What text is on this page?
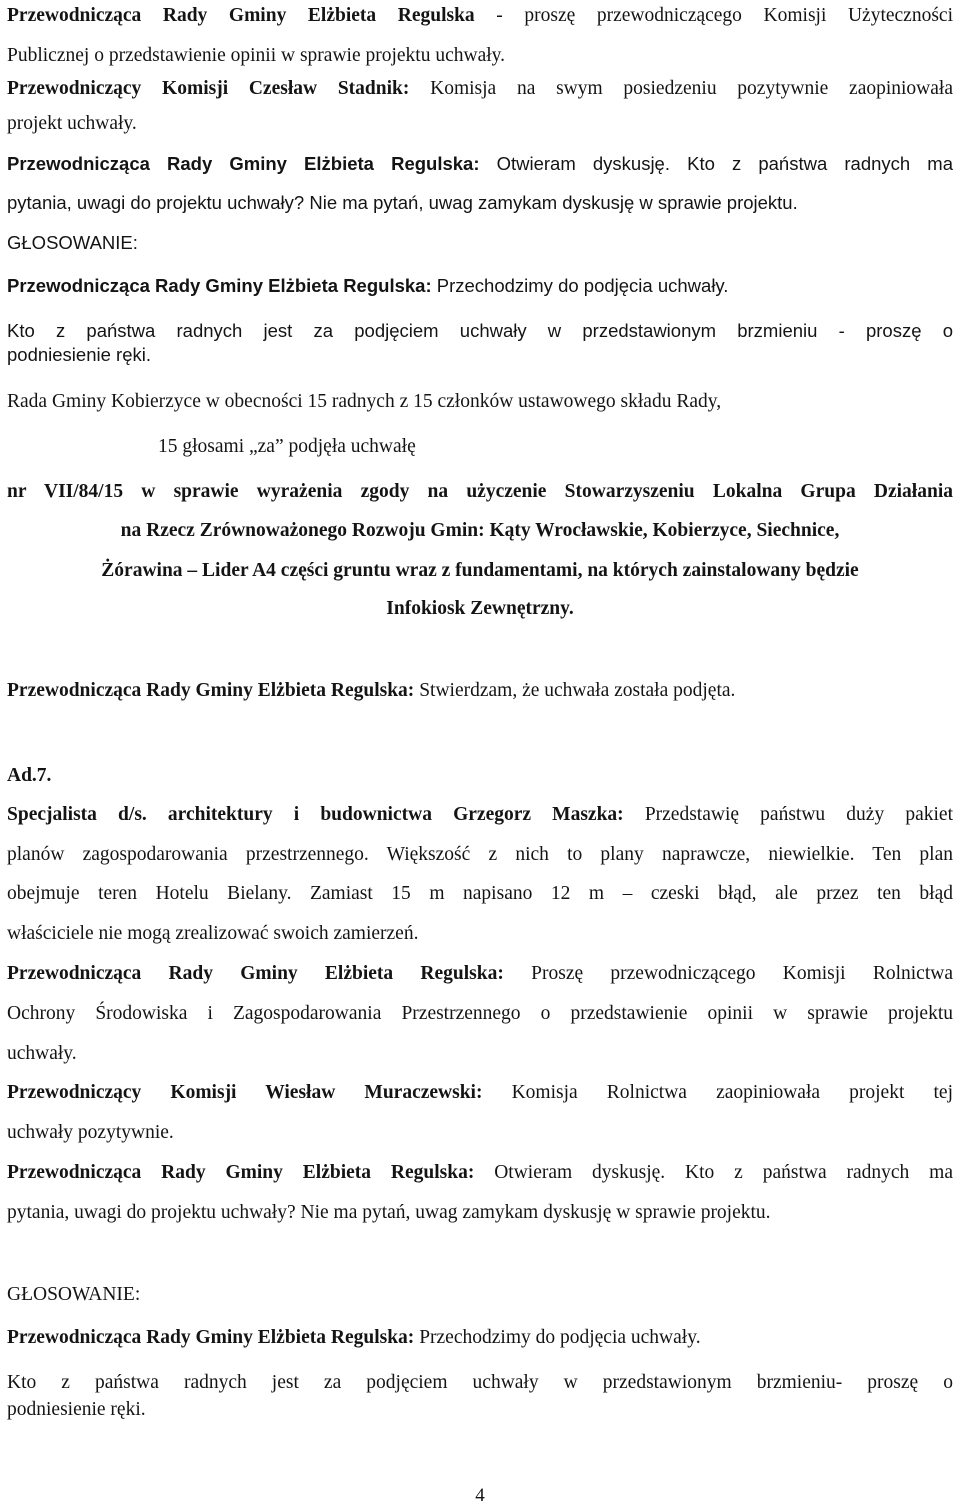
Przewodnicząca Rady Gminy Elżbieta Regulska - proszę przewodniczącego Komisji Użyteczności
Publicznej o przedstawienie opinii w sprawie projektu uchwały.
Przewodniczący Komisji Czesław Stadnik: Komisja na swym posiedzeniu pozytywnie zaopiniowała
projekt uchwały.
Przewodnicząca Rady Gminy Elżbieta Regulska: Otwieram dyskusję. Kto z państwa radnych ma
pytania, uwagi do projektu uchwały? Nie ma pytań, uwag zamykam dyskusję w sprawie projektu.
GŁOSOWANIE:
Przewodnicząca Rady Gminy Elżbieta Regulska: Przechodzimy do podjęcia uchwały.
Kto z państwa radnych jest za podjęciem uchwały w przedstawionym brzmieniu - proszę o
podniesienie ręki.
Rada Gminy Kobierzyce w obecności 15 radnych z 15 członków ustawowego składu Rady,
15 głosami „za” podjęła uchwałę
nr VII/84/15 w sprawie wyrażenia zgody na użyczenie Stowarzyszeniu Lokalna Grupa Działania
na Rzecz Zrównoważonego Rozwoju Gmin: Kąty Wrocławskie, Kobierzyce, Siechnice,
Żórawina – Lider A4 części gruntu wraz z fundamentami, na których zainstalowany będzie
Infokiosk Zewnętrzny.
Przewodnicząca Rady Gminy Elżbieta Regulska: Stwierdzam, że uchwała została podjęta.
Ad.7.
Specjalista d/s. architektury i budownictwa Grzegorz Maszka: Przedstawię państwu duży pakiet
planów zagospodarowania przestrzennego. Większość z nich to plany naprawcze, niewielkie. Ten plan
obejmuje teren Hotelu Bielany. Zamiast 15 m napisano 12 m – czeski błąd, ale przez ten błąd
właściciele nie mogą zrealizować swoich zamierzeń.
Przewodnicząca Rady Gminy Elżbieta Regulska: Proszę przewodniczącego Komisji Rolnictwa
Ochrony Środowiska i Zagospodarowania Przestrzennego o przedstawienie opinii w sprawie projektu
uchwały.
Przewodniczący Komisji Wiesław Muraczewski: Komisja Rolnictwa zaopiniowała projekt tej
uchwały pozytywnie.
Przewodnicząca Rady Gminy Elżbieta Regulska: Otwieram dyskusję. Kto z państwa radnych ma
pytania, uwagi do projektu uchwały? Nie ma pytań, uwag zamykam dyskusję w sprawie projektu.
GŁOSOWANIE:
Przewodnicząca Rady Gminy Elżbieta Regulska: Przechodzimy do podjęcia uchwały.
Kto z państwa radnych jest za podjęciem uchwały w przedstawionym brzmieniu- proszę o
podniesienie ręki.
4
